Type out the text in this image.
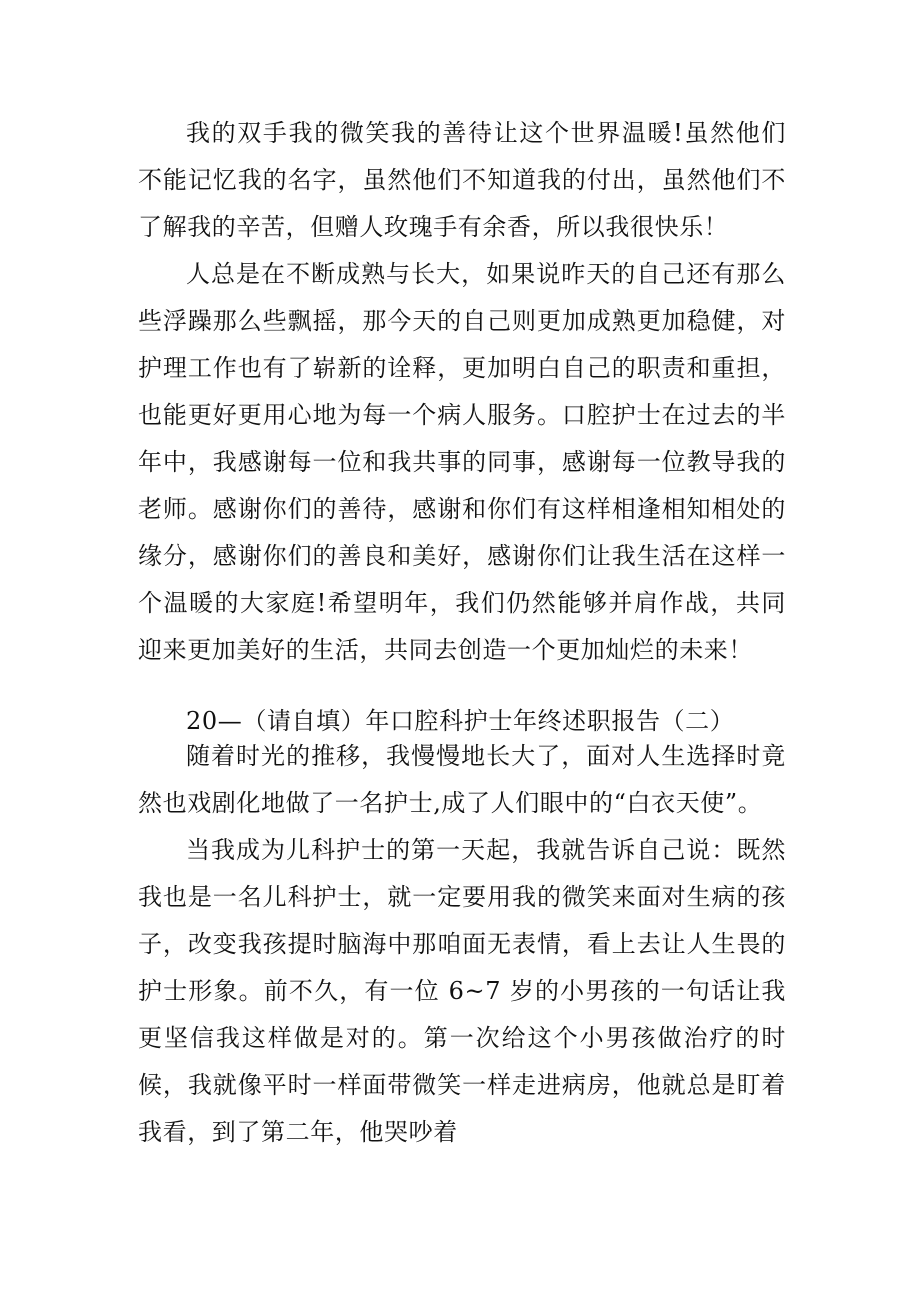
我的双手我的微笑我的善待让这个世界温暖!虽然他们不能记忆我的名字，虽然他们不知道我的付出，虽然他们不了解我的辛苦，但赠人玫瑰手有余香，所以我很快乐！

人总是在不断成熟与长大，如果说昨天的自己还有那么些浮躁那么些飘摇，那今天的自己则更加成熟更加稳健，对护理工作也有了崭新的诠释，更加明白自己的职责和重担，也能更好更用心地为每一个病人服务。口腔护士在过去的半年中，我感谢每一位和我共事的同事，感谢每一位教导我的老师。感谢你们的善待，感谢和你们有这样相逢相知相处的缘分，感谢你们的善良和美好，感谢你们让我生活在这样一个温暖的大家庭!希望明年，我们仍然能够并肩作战，共同迎来更加美好的生活，共同去创造一个更加灿烂的未来！

20—（请自填）年口腔科护士年终述职报告（二）

随着时光的推移，我慢慢地长大了，面对人生选择时竟然也戏剧化地做了一名护士,成了人们眼中的“白衣天使”。

当我成为儿科护士的第一天起，我就告诉自己说：既然我也是一名儿科护士，就一定要用我的微笑来面对生病的孩子，改变我孩提时脑海中那咱面无表情，看上去让人生畏的护士形象。前不久，有一位 6~7 岁的小男孩的一句话让我更坚信我这样做是对的。第一次给这个小男孩做治疗的时候，我就像平时一样面带微笑一样走进病房，他就总是盯着我看，到了第二年，他哭吵着
